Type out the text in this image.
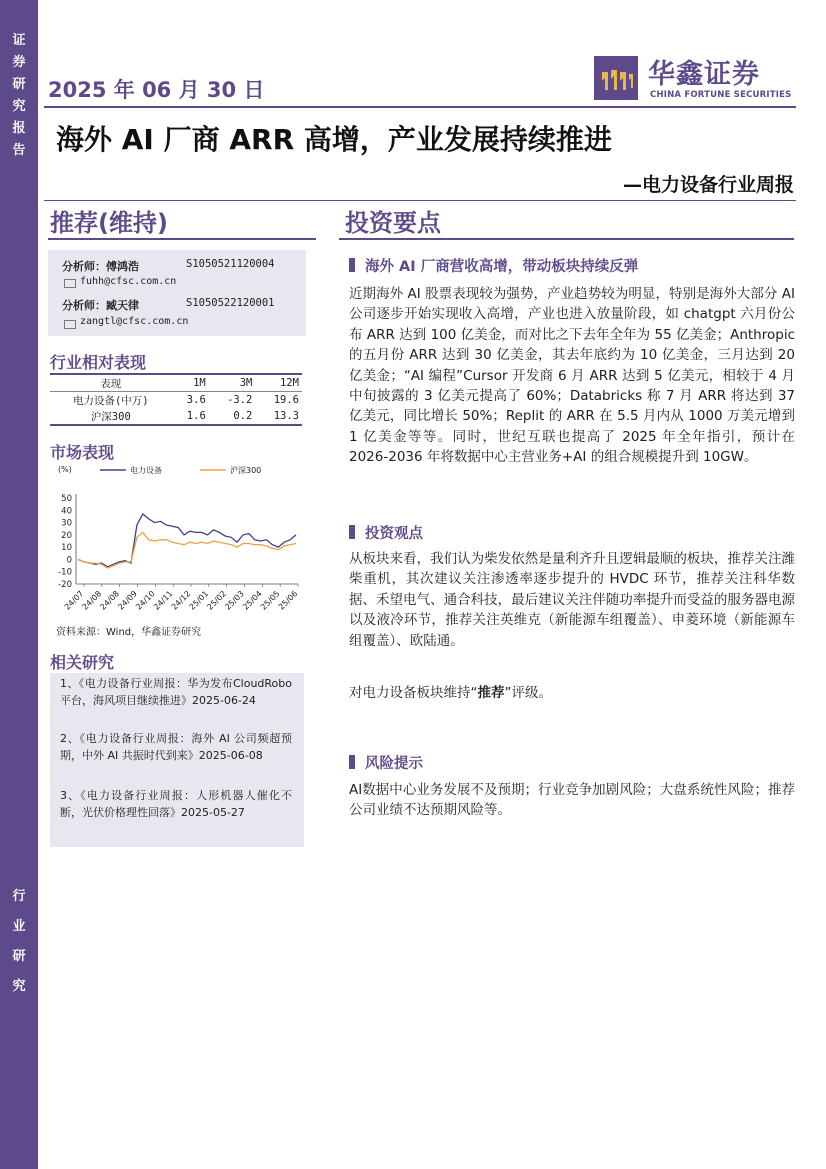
证
券
研
究
报
告
行
业
研
究
2025 年 06 月 30 日	华鑫证券
CHINA FORTUNE SECURITIES
海外 AI 厂商 ARR 高增，产业发展持续推进
—电力设备行业周报
推荐(维持)	投资要点
分析师：傅鸿浩	S1050521120004
fuhh@cfsc.com.cn
分析师：臧天律	S1050522120001
zangtl@cfsc.com.cn
行业相对表现
表现	1M	3M	12M
电力设备(中万)	3.6	-3.2	19.6
沪深300	1.6	0.2	13.3
市场表现
(%)	电力设备	沪深300
50
40
30
20
10
0
-10
-20
24/07
24/08
24/08
24/09
24/10
24/11
24/12
25/01
25/02
25/03
25/04
25/05
25/06
资料来源：Wind，华鑫证券研究
相关研究
1、《电力设备行业周报：华为发布CloudRobo 平台，海风项目继续推进》2025-06-24
2、《电力设备行业周报：海外 AI 公司频超预期，中外 AI 共振时代到来》2025-06-08
3、《电力设备行业周报：人形机器人催化不断，光伏价格理性回落》2025-05-27
海外 AI 厂商营收高增，带动板块持续反弹
近期海外 AI 股票表现较为强势，产业趋势较为明显，特别是海外大部分 AI 公司逐步开始实现收入高增，产业也进入放量阶段，如 chatgpt 六月份公布 ARR 达到 100 亿美金，而对比之下去年全年为 55 亿美金；Anthropic 的五月份 ARR 达到 30 亿美金，其去年底约为 10 亿美金，三月达到 20 亿美金；“AI 编程”Cursor 开发商 6 月 ARR 达到 5 亿美元，相较于 4 月中旬披露的 3 亿美元提高了 60%；Databricks 称 7 月 ARR 将达到 37 亿美元，同比增长 50%；Replit 的 ARR 在 5.5 月内从 1000 万美元增到 1 亿美金等等。同时，世纪互联也提高了 2025 年全年指引，预计在 2026-2036 年将数据中心主营业务+AI 的组合规模提升到 10GW。
投资观点
从板块来看，我们认为柴发依然是量利齐升且逻辑最顺的板块，推荐关注潍柴重机，其次建议关注渗透率逐步提升的 HVDC 环节，推荐关注科华数据、禾望电气、通合科技，最后建议关注伴随功率提升而受益的服务器电源以及液冷环节，推荐关注英维克（新能源车组覆盖）、申菱环境（新能源车组覆盖）、欧陆通。
对电力设备板块维持“推荐”评级。
风险提示
AI数据中心业务发展不及预期；行业竞争加剧风险；大盘系统性风险；推荐公司业绩不达预期风险等。
